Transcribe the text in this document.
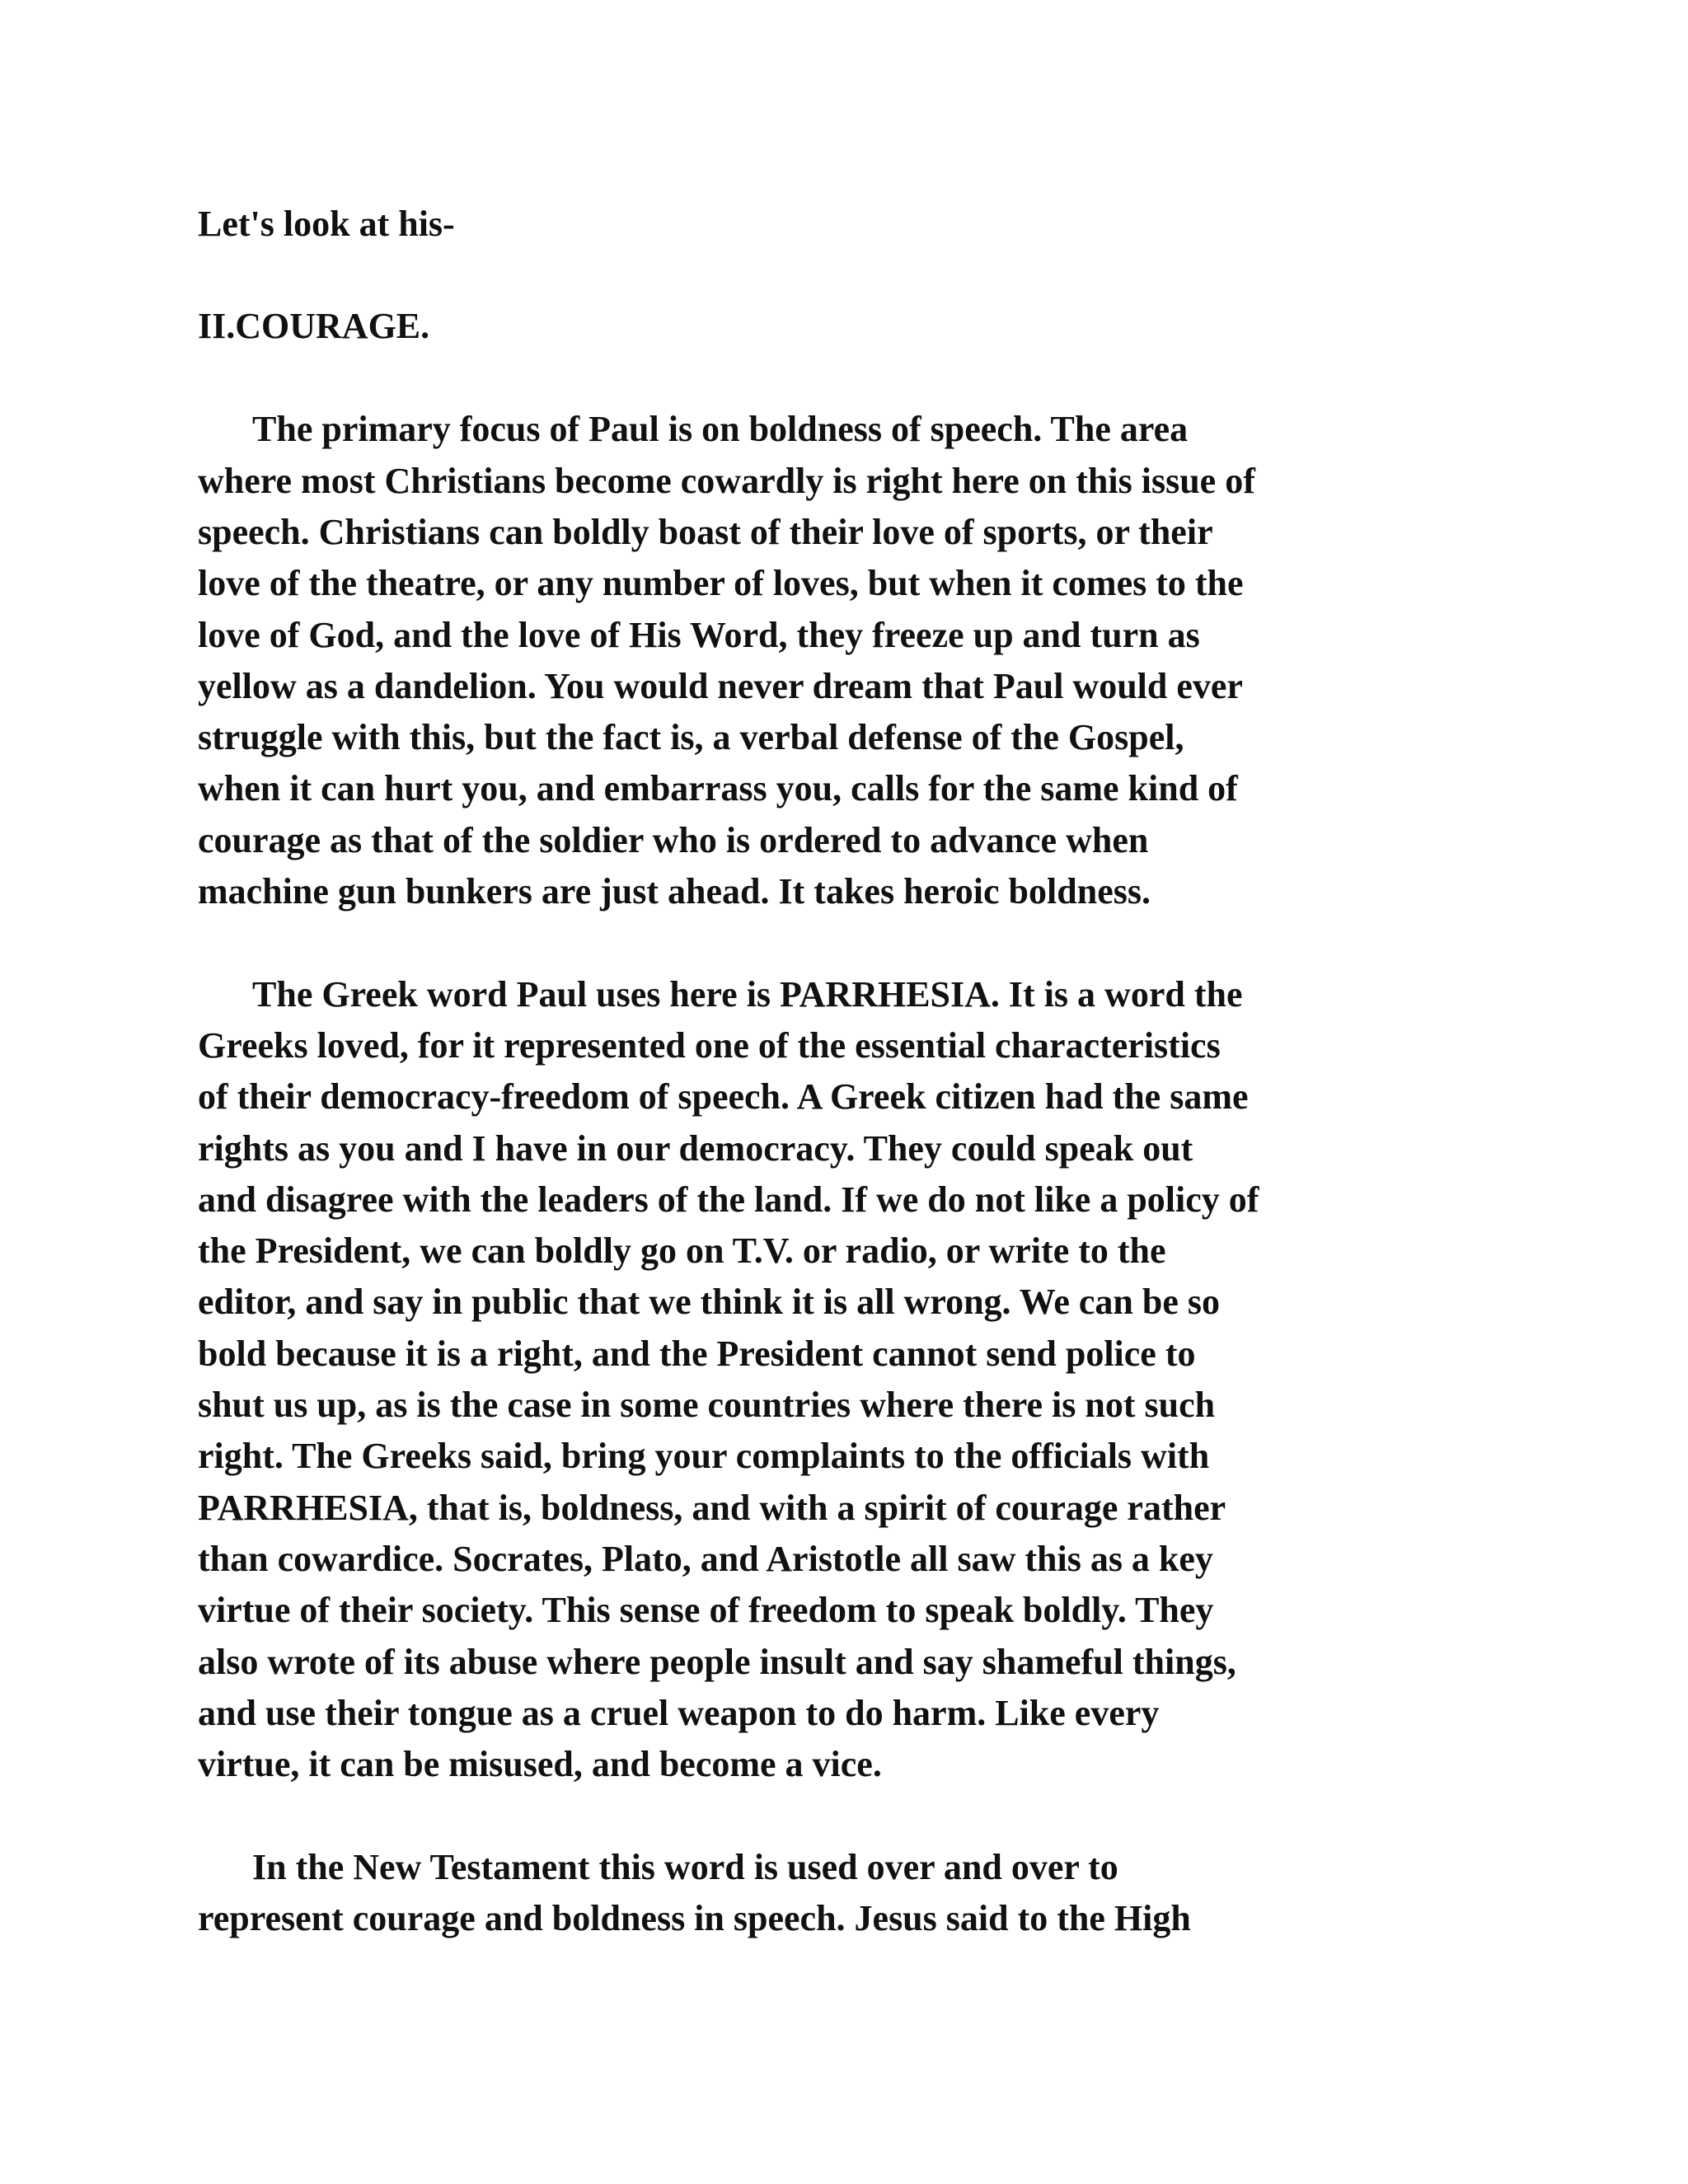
Let's look at his-

II.COURAGE.

The primary focus of Paul is on boldness of speech. The area

where most Christians become cowardly is right here on this issue of

speech. Christians can boldly boast of their love of sports, or their

love of the theatre, or any number of loves, but when it comes to the

love of God, and the love of His Word, they freeze up and turn as

yellow as a dandelion. You would never dream that Paul would ever

struggle with this, but the fact is, a verbal defense of the Gospel,

when it can hurt you, and embarrass you, calls for the same kind of

courage as that of the soldier who is ordered to advance when

machine gun bunkers are just ahead. It takes heroic boldness.

The Greek word Paul uses here is PARRHESIA. It is a word the

Greeks loved, for it represented one of the essential characteristics

of their democracy-freedom of speech. A Greek citizen had the same

rights as you and I have in our democracy. They could speak out

and disagree with the leaders of the land. If we do not like a policy of

the President, we can boldly go on T.V. or radio, or write to the

editor, and say in public that we think it is all wrong. We can be so

bold because it is a right, and the President cannot send police to

shut us up, as is the case in some countries where there is not such

right. The Greeks said, bring your complaints to the officials with

PARRHESIA, that is, boldness, and with a spirit of courage rather

than cowardice. Socrates, Plato, and Aristotle all saw this as a key

virtue of their society. This sense of freedom to speak boldly. They

also wrote of its abuse where people insult and say shameful things,

and use their tongue as a cruel weapon to do harm. Like every

virtue, it can be misused, and become a vice.

In the New Testament this word is used over and over to

represent courage and boldness in speech. Jesus said to the High
